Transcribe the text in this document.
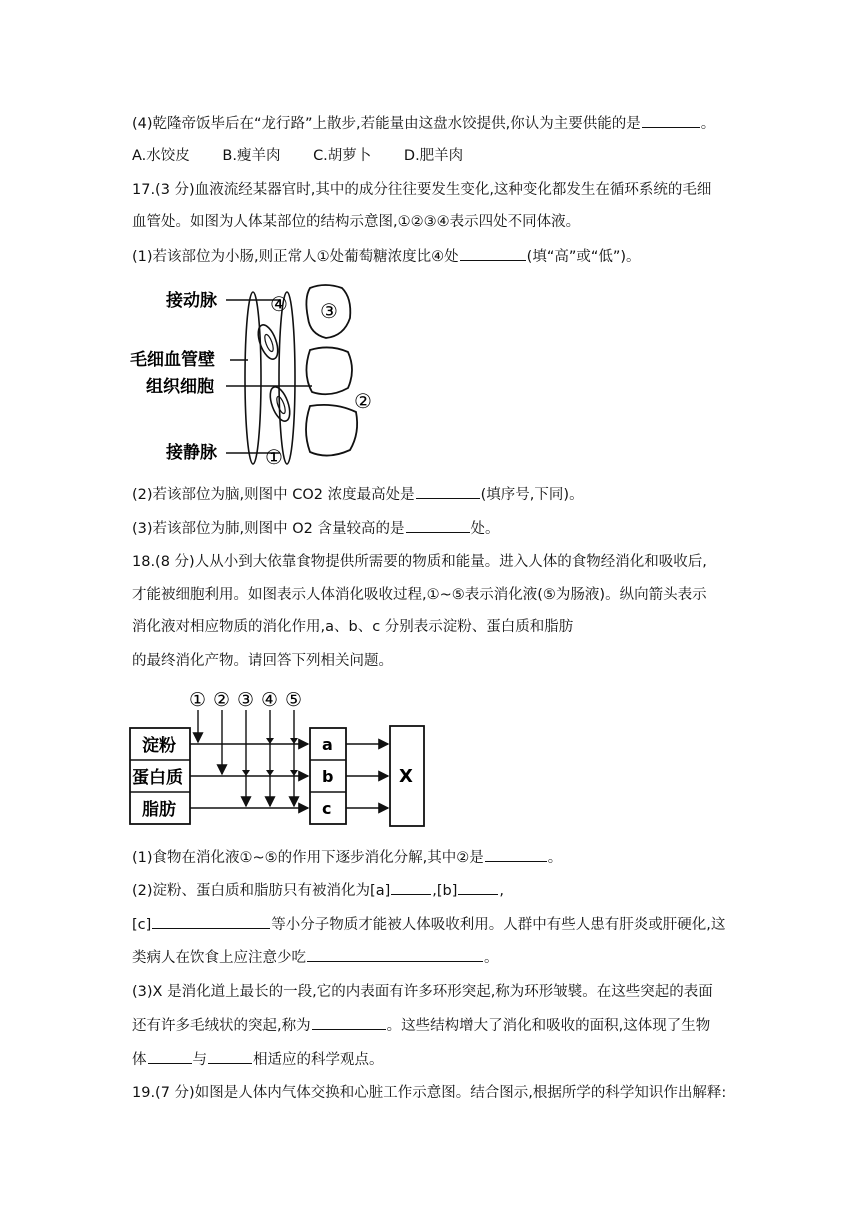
(4)乾隆帝饭毕后在“龙行路”上散步,若能量由这盘水饺提供,你认为主要供能的是	。
A.水饺皮 B.瘦羊肉 C.胡萝卜 D.肥羊肉
17.(3 分)血液流经某器官时,其中的成分往往要发生变化,这种变化都发生在循环系统的毛细
血管处。如图为人体某部位的结构示意图,①②③④表示四处不同体液。
(1)若该部位为小肠,则正常人①处葡萄糖浓度比④处	(填“高”或“低”)。
接动脉
毛细血管壁
组织细胞
接静脉 ①
②
③
④
(2)若该部位为脑,则图中 CO2 浓度最高处是	(填序号,下同)。
(3)若该部位为肺,则图中 O2 含量较高的是	处。
18.(8 分)人从小到大依靠食物提供所需要的物质和能量。进入人体的食物经消化和吸收后,
才能被细胞利用。如图表示人体消化吸收过程,①~⑤表示消化液(⑤为肠液)。纵向箭头表示
消化液对相应物质的消化作用,a、b、c 分别表示淀粉、蛋白质和脂肪
的最终消化产物。请回答下列相关问题。
① ② ③ ④ ⑤
淀粉
蛋白质
脂肪
a
b
c
X
(1)食物在消化液①~⑤的作用下逐步消化分解,其中②是	。
(2)淀粉、蛋白质和脂肪只有被消化为[a]	,[b]	,
[c]	等小分子物质才能被人体吸收利用。人群中有些人患有肝炎或肝硬化,这
类病人在饮食上应注意少吃	。
(3)X 是消化道上最长的一段,它的内表面有许多环形突起,称为环形皱襞。在这些突起的表面
还有许多毛绒状的突起,称为	。这些结构增大了消化和吸收的面积,这体现了生物
体	与	相适应的科学观点。
19.(7 分)如图是人体内气体交换和心脏工作示意图。结合图示,根据所学的科学知识作出解释:
